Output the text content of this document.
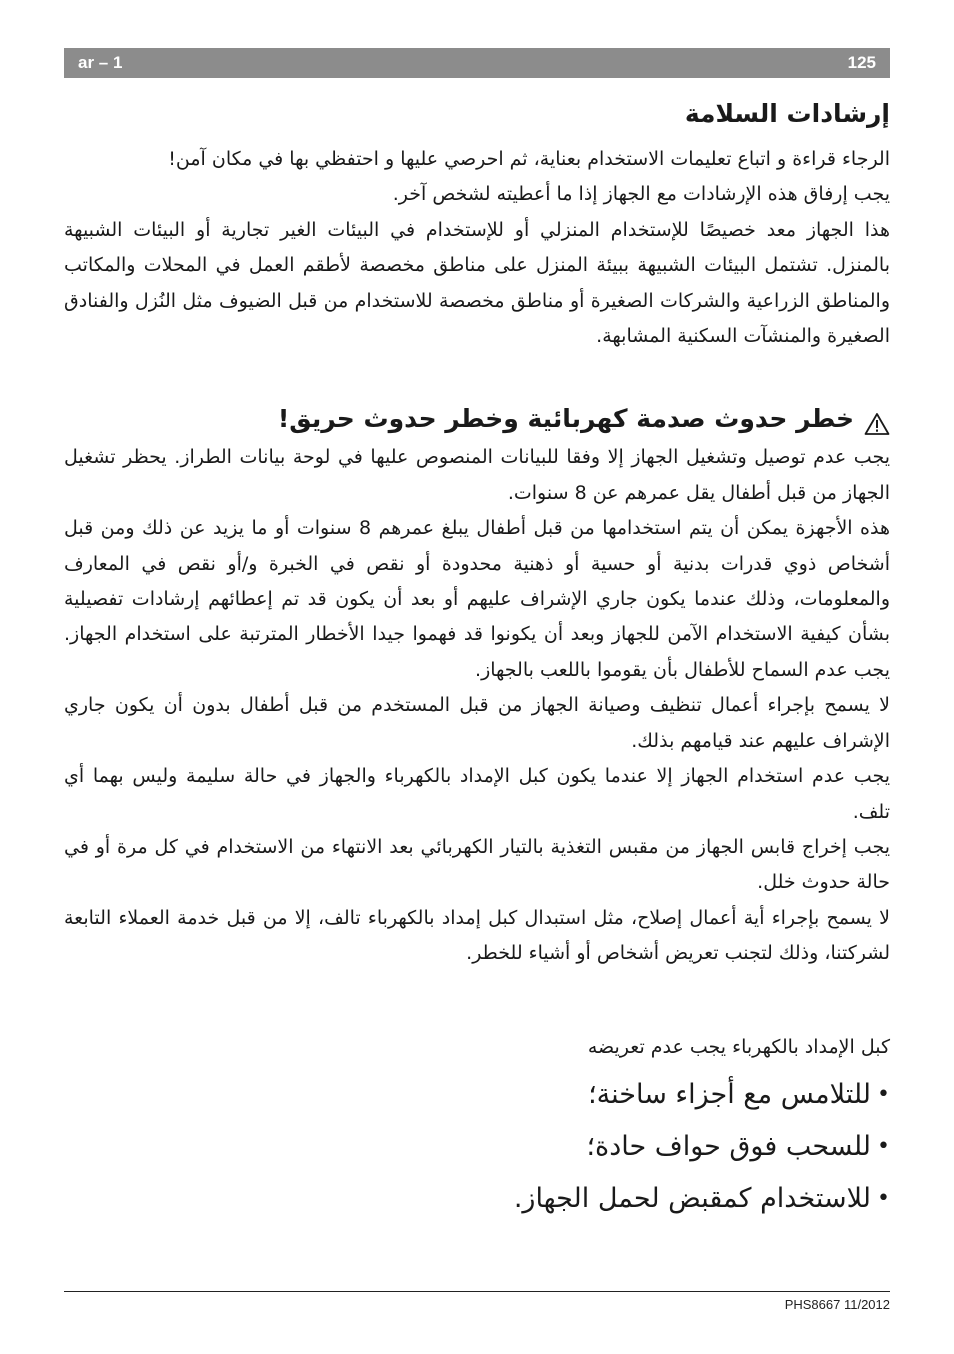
ar – 1	125
إرشادات السلامة

الرجاء قراءة و اتباع تعليمات الاستخدام بعناية، ثم احرصي عليها و احتفظي بها في مكان آمن!

يجب إرفاق هذه الإرشادات مع الجهاز إذا ما أعطيته لشخص آخر.

هذا الجهاز معد خصيصًا للإستخدام المنزلي أو للإستخدام في البيئات الغير تجارية أو البيئات الشبيهة بالمنزل. تشتمل البيئات الشبيهة ببيئة المنزل على مناطق مخصصة لأطقم العمل في المحلات والمكاتب والمناطق الزراعية والشركات الصغيرة أو مناطق مخصصة للاستخدام من قبل الضيوف مثل النُزل والفنادق الصغيرة والمنشآت السكنية المشابهة.

خطر حدوث صدمة كهربائية وخطر حدوث حريق!

يجب عدم توصيل وتشغيل الجهاز إلا وفقا للبيانات المنصوص عليها في لوحة بيانات الطراز. يحظر تشغيل الجهاز من قبل أطفال يقل عمرهم عن 8 سنوات.

هذه الأجهزة يمكن أن يتم استخدامها من قبل أطفال يبلغ عمرهم 8 سنوات أو ما يزيد عن ذلك ومن قبل أشخاص ذوي قدرات بدنية أو حسية أو ذهنية محدودة أو نقص في الخبرة و/أو نقص في المعارف والمعلومات، وذلك عندما يكون جاري الإشراف عليهم أو بعد أن يكون قد تم إعطائهم إرشادات تفصيلية بشأن كيفية الاستخدام الآمن للجهاز وبعد أن يكونوا قد فهموا جيدا الأخطار المترتبة على استخدام الجهاز. يجب عدم السماح للأطفال بأن يقوموا باللعب بالجهاز.

لا يسمح بإجراء أعمال تنظيف وصيانة الجهاز من قبل المستخدم من قبل أطفال بدون أن يكون جاري الإشراف عليهم عند قيامهم بذلك.

يجب عدم استخدام الجهاز إلا عندما يكون كبل الإمداد بالكهرباء والجهاز في حالة سليمة وليس بهما أي تلف.

يجب إخراج قابس الجهاز من مقبس التغذية بالتيار الكهربائي بعد الانتهاء من الاستخدام في كل مرة أو في حالة حدوث خلل.

لا يسمح بإجراء أية أعمال إصلاح، مثل استبدال كبل إمداد بالكهرباء تالف، إلا من قبل خدمة العملاء التابعة لشركتنا، وذلك لتجنب تعريض أشخاص أو أشياء للخطر.

كبل الإمداد بالكهرباء يجب عدم تعريضه

•
للتلامس مع أجزاء ساخنة؛
•
للسحب فوق حواف حادة؛
•
للاستخدام كمقبض لحمل الجهاز.
PHS8667 11/2012
